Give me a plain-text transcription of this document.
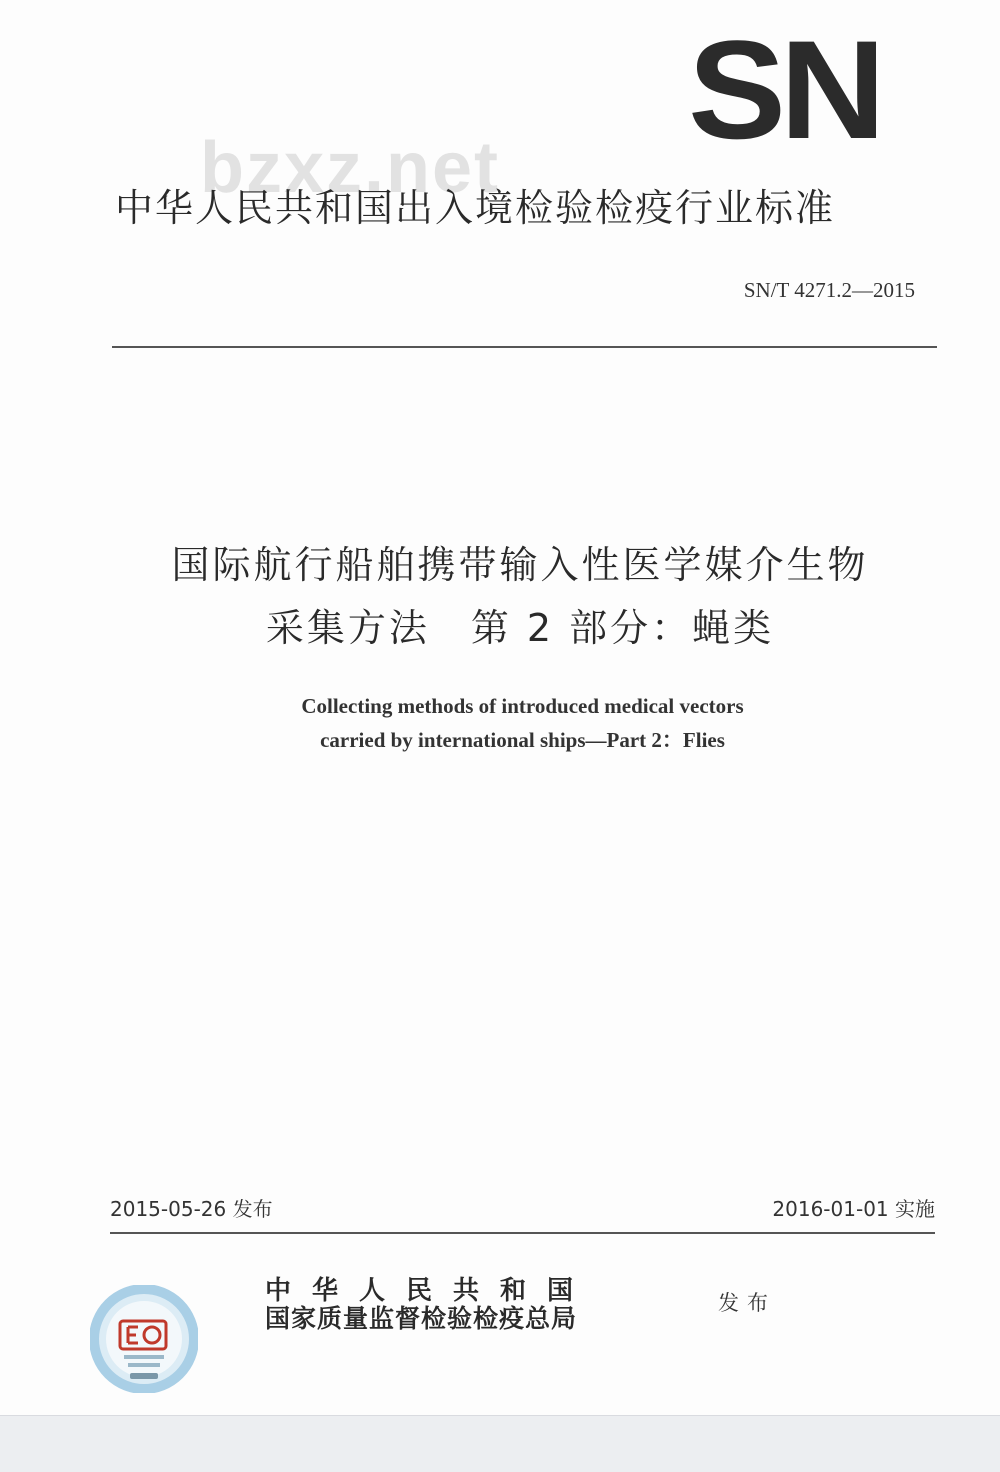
SN
bzxz.net
中华人民共和国出入境检验检疫行业标准
SN/T 4271.2—2015
国际航行船舶携带输入性医学媒介生物
采集方法　第 2 部分：蝇类
Collecting methods of introduced medical vectors
carried by international ships—Part 2：Flies
2015-05-26 发布	2016-01-01 实施
中华人民共和国
国家质量监督检验检疫总局
发布
